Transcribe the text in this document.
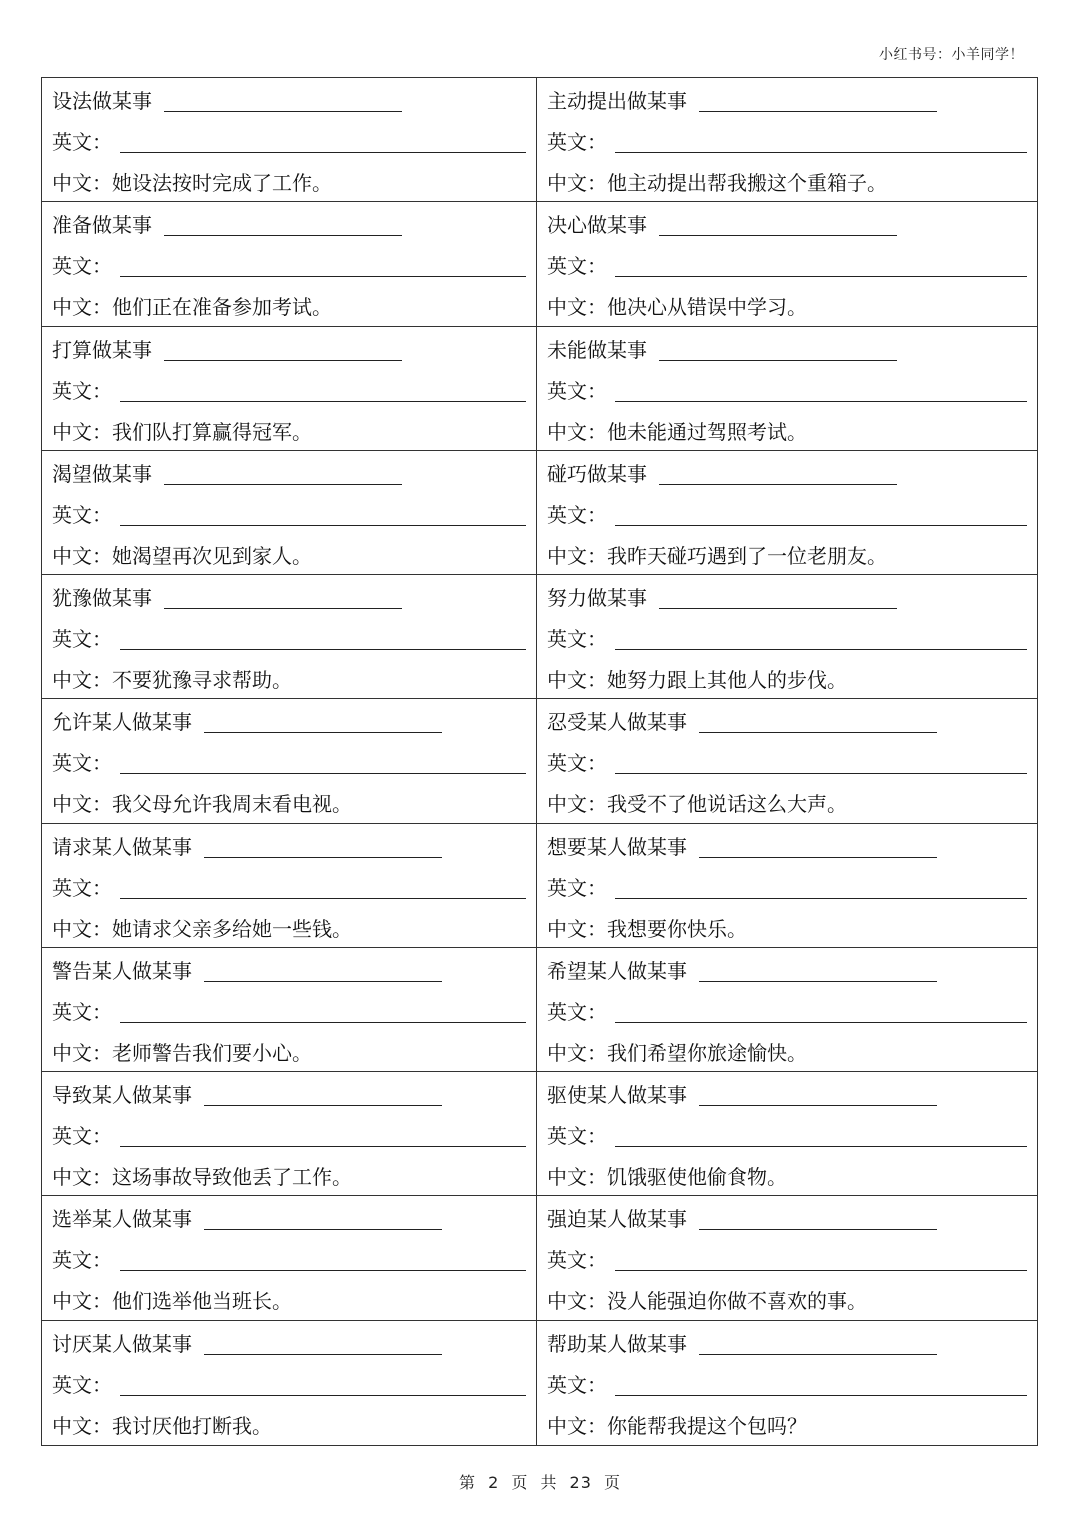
小红书号：小羊同学！
设法做某事
英文：
中文： 她设法按时完成了工作。
主动提出做某事
英文：
中文： 他主动提出帮我搬这个重箱子。
准备做某事
英文：
中文： 他们正在准备参加考试。
决心做某事
英文：
中文： 他决心从错误中学习。
打算做某事
英文：
中文： 我们队打算赢得冠军。
未能做某事
英文：
中文： 他未能通过驾照考试。
渴望做某事
英文：
中文： 她渴望再次见到家人。
碰巧做某事
英文：
中文： 我昨天碰巧遇到了一位老朋友。
犹豫做某事
英文：
中文： 不要犹豫寻求帮助。
努力做某事
英文：
中文： 她努力跟上其他人的步伐。
允许某人做某事
英文：
中文： 我父母允许我周末看电视。
忍受某人做某事
英文：
中文： 我受不了他说话这么大声。
请求某人做某事
英文：
中文： 她请求父亲多给她一些钱。
想要某人做某事
英文：
中文： 我想要你快乐。
警告某人做某事
英文：
中文： 老师警告我们要小心。
希望某人做某事
英文：
中文： 我们希望你旅途愉快。
导致某人做某事
英文：
中文： 这场事故导致他丢了工作。
驱使某人做某事
英文：
中文： 饥饿驱使他偷食物。
选举某人做某事
英文：
中文： 他们选举他当班长。
强迫某人做某事
英文：
中文： 没人能强迫你做不喜欢的事。
讨厌某人做某事
英文：
中文： 我讨厌他打断我。
帮助某人做某事
英文：
中文： 你能帮我提这个包吗？
第 2 页 共 23 页
